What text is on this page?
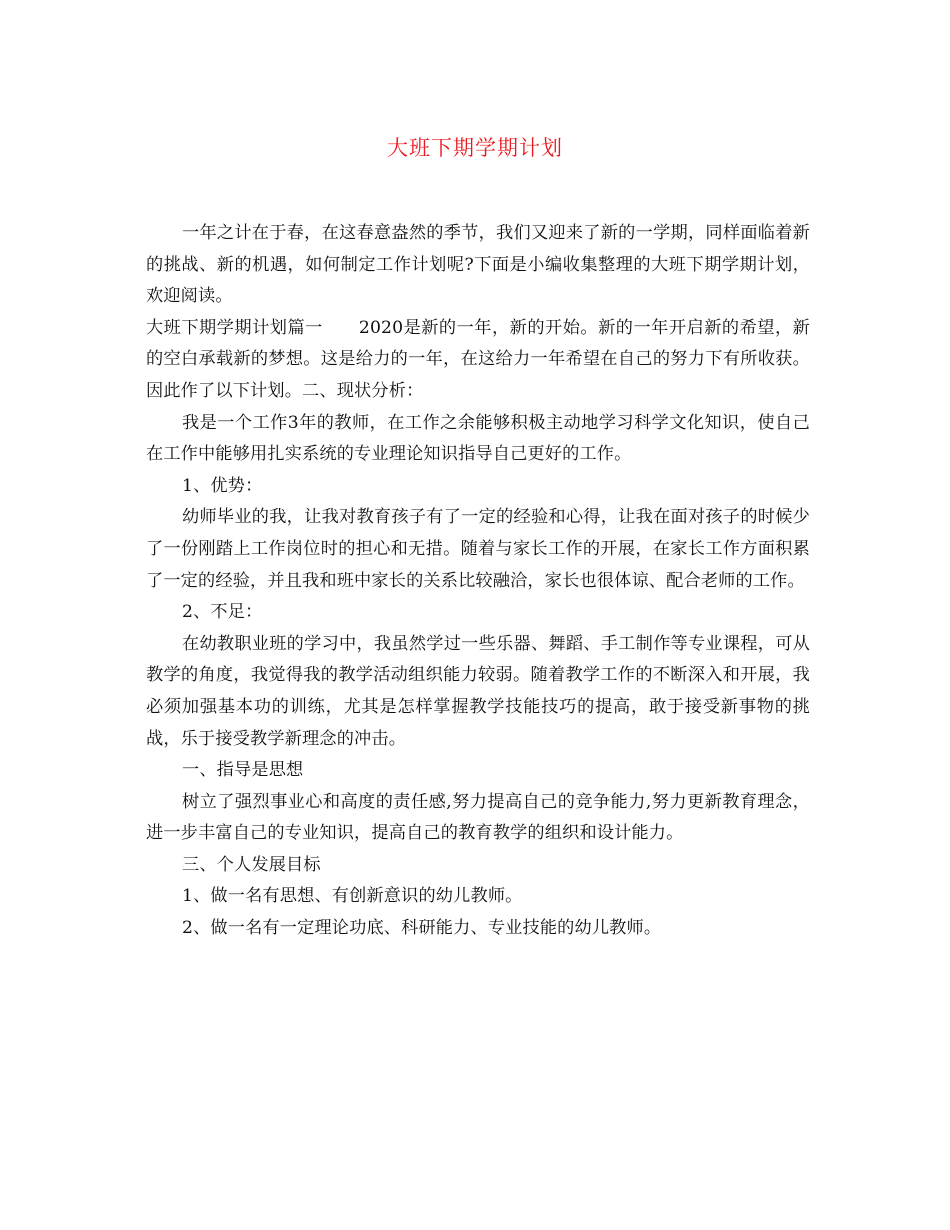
大班下期学期计划

一年之计在于春，在这春意盎然的季节，我们又迎来了新的一学期，同样面临着新的挑战、新的机遇，如何制定工作计划呢?下面是小编收集整理的大班下期学期计划，欢迎阅读。

大班下期学期计划篇一 2020是新的一年，新的开始。新的一年开启新的希望，新的空白承载新的梦想。这是给力的一年，在这给力一年希望在自己的努力下有所收获。因此作了以下计划。二、现状分析：

我是一个工作3年的教师，在工作之余能够积极主动地学习科学文化知识，使自己在工作中能够用扎实系统的专业理论知识指导自己更好的工作。

1、优势：

幼师毕业的我，让我对教育孩子有了一定的经验和心得，让我在面对孩子的时候少了一份刚踏上工作岗位时的担心和无措。随着与家长工作的开展，在家长工作方面积累了一定的经验，并且我和班中家长的关系比较融洽，家长也很体谅、配合老师的工作。

2、不足：

在幼教职业班的学习中，我虽然学过一些乐器、舞蹈、手工制作等专业课程，可从教学的角度，我觉得我的教学活动组织能力较弱。随着教学工作的不断深入和开展，我必须加强基本功的训练，尤其是怎样掌握教学技能技巧的提高，敢于接受新事物的挑战，乐于接受教学新理念的冲击。

一、指导是思想

树立了强烈事业心和高度的责任感,努力提高自己的竞争能力,努力更新教育理念，进一步丰富自己的专业知识，提高自己的教育教学的组织和设计能力。

三、个人发展目标

1、做一名有思想、有创新意识的幼儿教师。

2、做一名有一定理论功底、科研能力、专业技能的幼儿教师。
